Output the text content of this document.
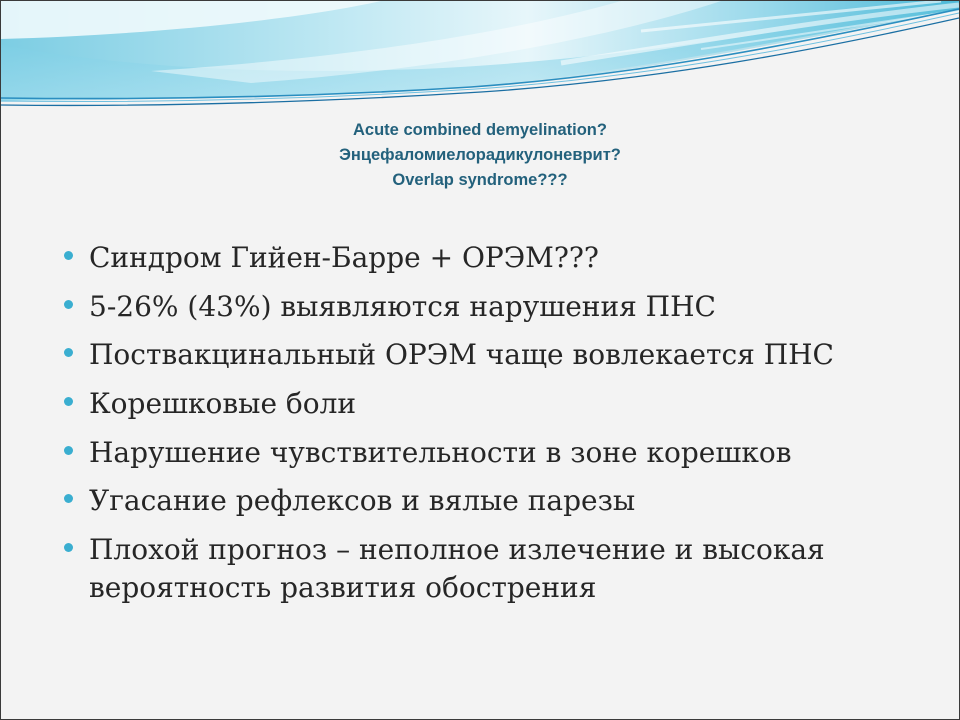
Acute combined demyelination?
Энцефаломиелорадикулоневрит?
Overlap syndrome???
Синдром Гийен-Барре + ОРЭМ???
5-26% (43%) выявляются нарушения ПНС
Поствакцинальный ОРЭМ чаще вовлекается ПНС
Корешковые боли
Нарушение чувствительности в зоне корешков
Угасание рефлексов и вялые парезы
Плохой прогноз – неполное излечение и высокая вероятность развития обострения
